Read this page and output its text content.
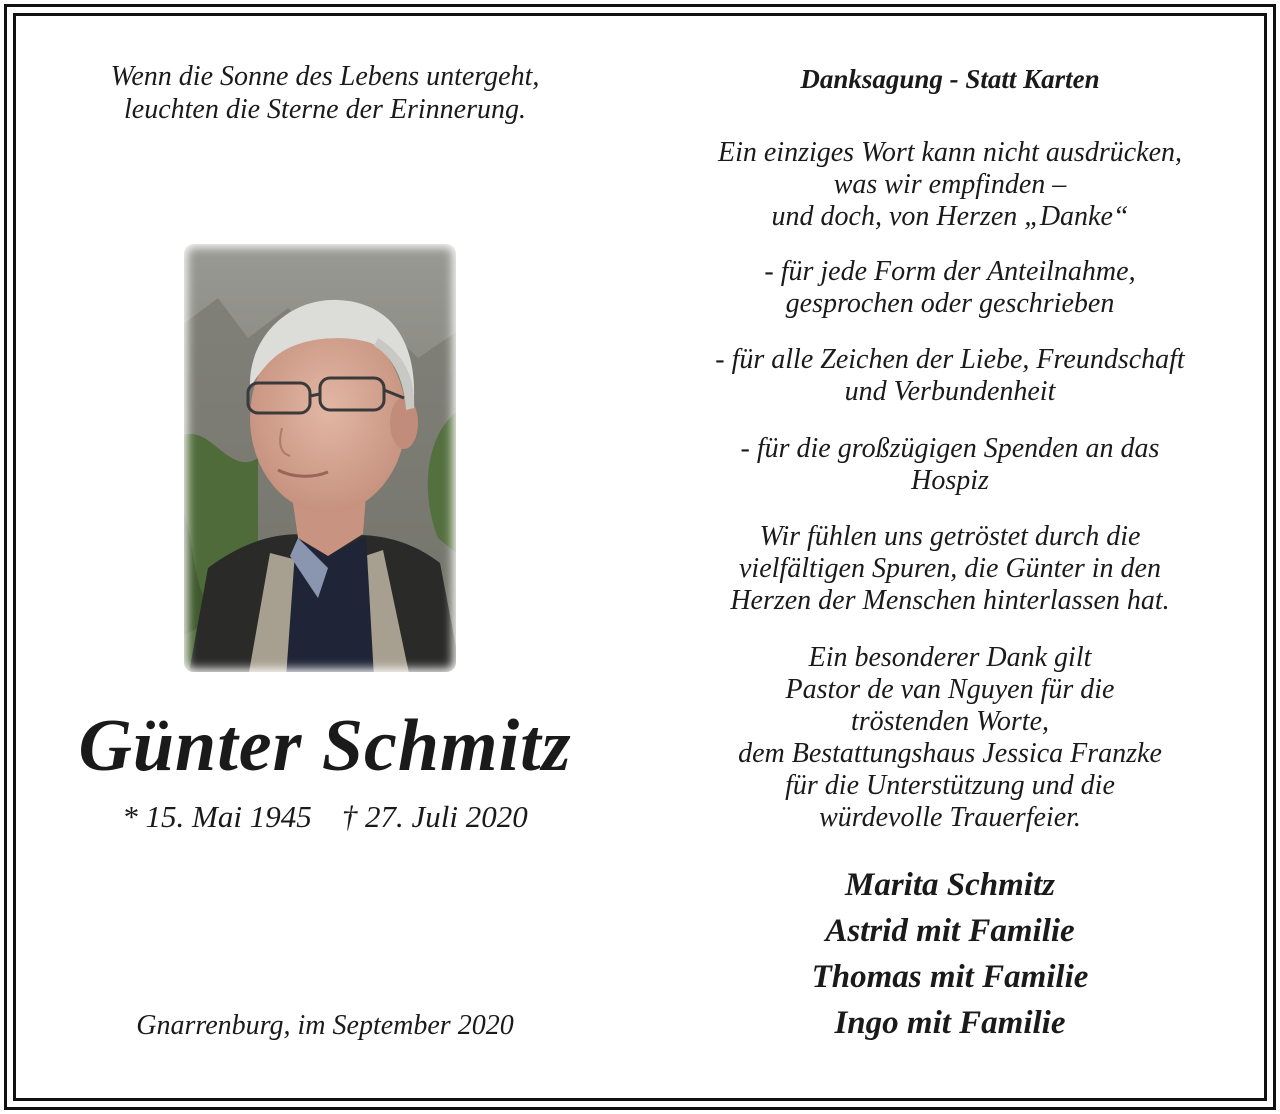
Wenn die Sonne des Lebens untergeht,
leuchten die Sterne der Erinnerung.
Günter Schmitz
* 15. Mai 1945 † 27. Juli 2020
Gnarrenburg, im September 2020
Danksagung - Statt Karten
Ein einziges Wort kann nicht ausdrücken,
was wir empfinden –
und doch, von Herzen „Danke“
- für jede Form der Anteilnahme,
gesprochen oder geschrieben
- für alle Zeichen der Liebe, Freundschaft
und Verbundenheit
- für die großzügigen Spenden an das
Hospiz
Wir fühlen uns getröstet durch die
vielfältigen Spuren, die Günter in den
Herzen der Menschen hinterlassen hat.
Ein besonderer Dank gilt
Pastor de van Nguyen für die
tröstenden Worte,
dem Bestattungshaus Jessica Franzke
für die Unterstützung und die
würdevolle Trauerfeier.
Marita Schmitz
Astrid mit Familie
Thomas mit Familie
Ingo mit Familie
